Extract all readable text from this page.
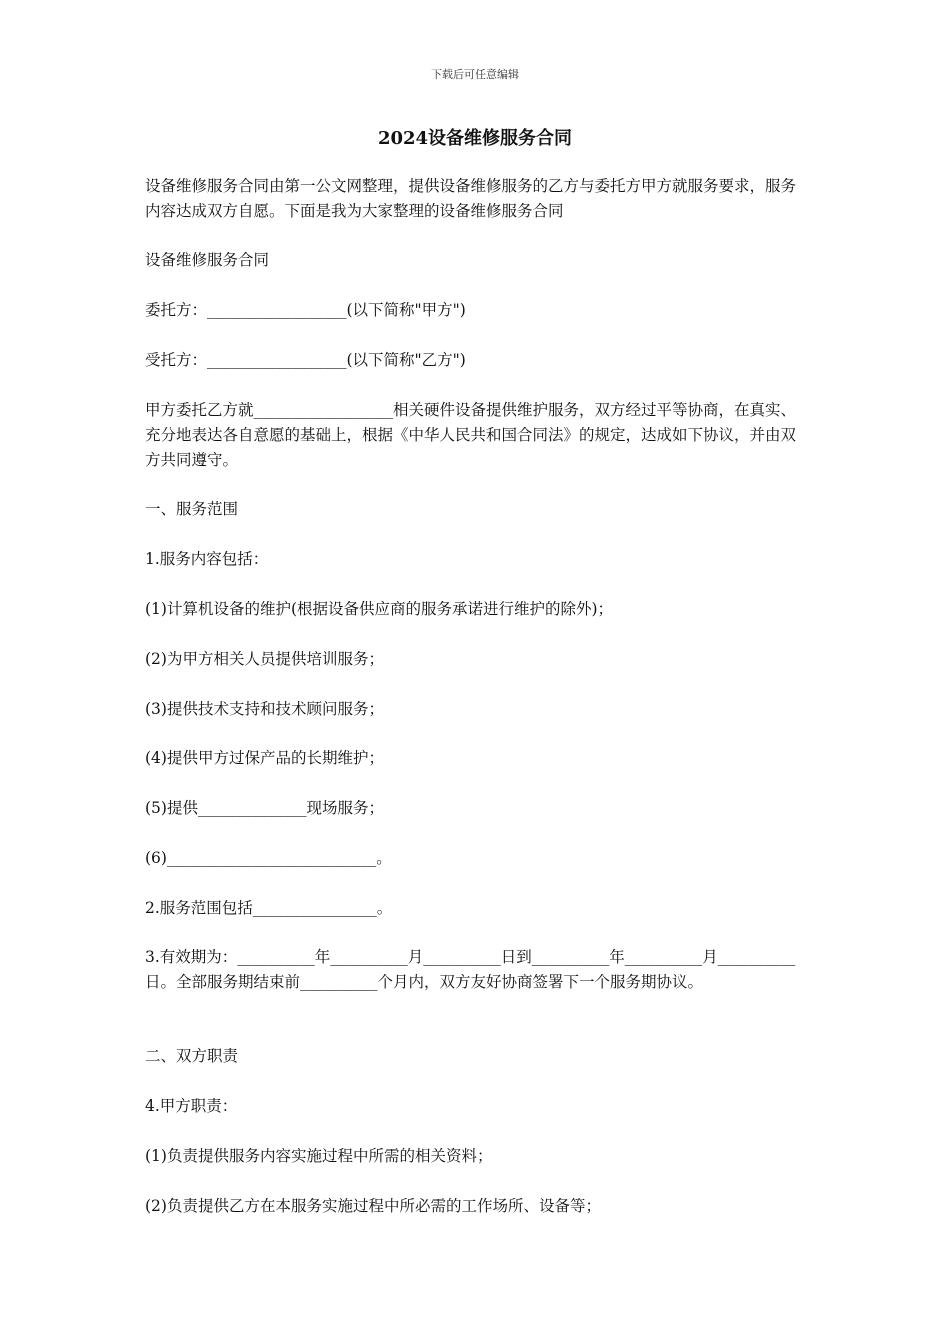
下载后可任意编辑
2024设备维修服务合同
设备维修服务合同由第一公文网整理，提供设备维修服务的乙方与委托方甲方就服务要求，服务内容达成双方自愿。下面是我为大家整理的设备维修服务合同
设备维修服务合同
委托方：__________________(以下简称"甲方")
受托方：__________________(以下简称"乙方")
甲方委托乙方就__________________相关硬件设备提供维护服务，双方经过平等协商，在真实、充分地表达各自意愿的基础上，根据《中华人民共和国合同法》的规定，达成如下协议，并由双方共同遵守。
一、服务范围
1.服务内容包括：
(1)计算机设备的维护(根据设备供应商的服务承诺进行维护的除外)；
(2)为甲方相关人员提供培训服务；
(3)提供技术支持和技术顾问服务；
(4)提供甲方过保产品的长期维护；
(5)提供______________现场服务；
(6)___________________________。
2.服务范围包括________________。
3.有效期为：__________年__________月__________日到__________年__________月__________日。全部服务期结束前__________个月内，双方友好协商签署下一个服务期协议。
二、双方职责
4.甲方职责：
(1)负责提供服务内容实施过程中所需的相关资料；
(2)负责提供乙方在本服务实施过程中所必需的工作场所、设备等；
